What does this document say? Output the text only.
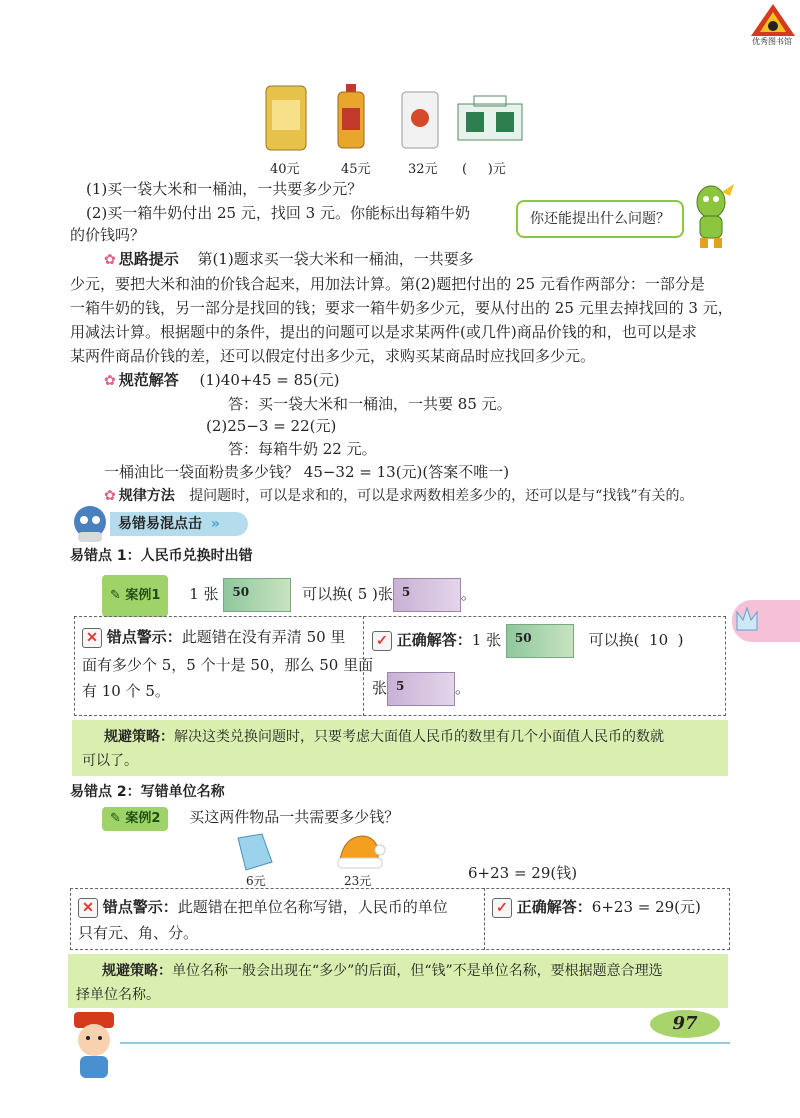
优秀图书馆
40元	45元	32元 (     )元
(1)买一袋大米和一桶油，一共要多少元？
(2)买一箱牛奶付出 25 元，找回 3 元。你能标出每箱牛奶
的价钱吗？
你还能提出什么问题？
✿ 思路提示 第(1)题求买一袋大米和一桶油，一共要多
少元，要把大米和油的价钱合起来，用加法计算。第(2)题把付出的 25 元看作两部分：一部分是
一箱牛奶的钱，另一部分是找回的钱；要求一箱牛奶多少元，要从付出的 25 元里去掉找回的 3 元，
用减法计算。根据题中的条件，提出的问题可以是求某两件(或几件)商品价钱的和，也可以是求
某两件商品价钱的差，还可以假定付出多少元，求购买某商品时应找回多少元。
✿ 规范解答 (1)40+45 = 85(元)
答：买一袋大米和一桶油，一共要 85 元。
(2)25−3 = 22(元)
答：每箱牛奶 22 元。
一桶油比一袋面粉贵多少钱？ 45−32 = 13(元)(答案不唯一)
✿ 规律方法 提问题时，可以是求和的，可以是求两数相差多少的，还可以是与“找钱”有关的。
易错易混点击 »
易错点 1：人民币兑换时出错
✎ 案例1 1 张 50	可以换( 5 )张 5	。
✕ 错点警示：此题错在没有弄清 50 里
面有多少个 5，5 个十是 50，那么 50 里面
有 10 个 5。
✓ 正确解答：1 张 50	可以换(  10  )
张 5	。
规避策略：解决这类兑换问题时，只要考虑大面值人民币的数里有几个小面值人民币的数就
可以了。
易错点 2：写错单位名称
✎ 案例2 买这两件物品一共需要多少钱？
6元	23元	6+23 = 29(钱)
✕ 错点警示：此题错在把单位名称写错，人民币的单位
只有元、角、分。
✓ 正确解答：6+23 = 29(元)
规避策略：单位名称一般会出现在“多少”的后面，但“钱”不是单位名称，要根据题意合理选
择单位名称。
97
